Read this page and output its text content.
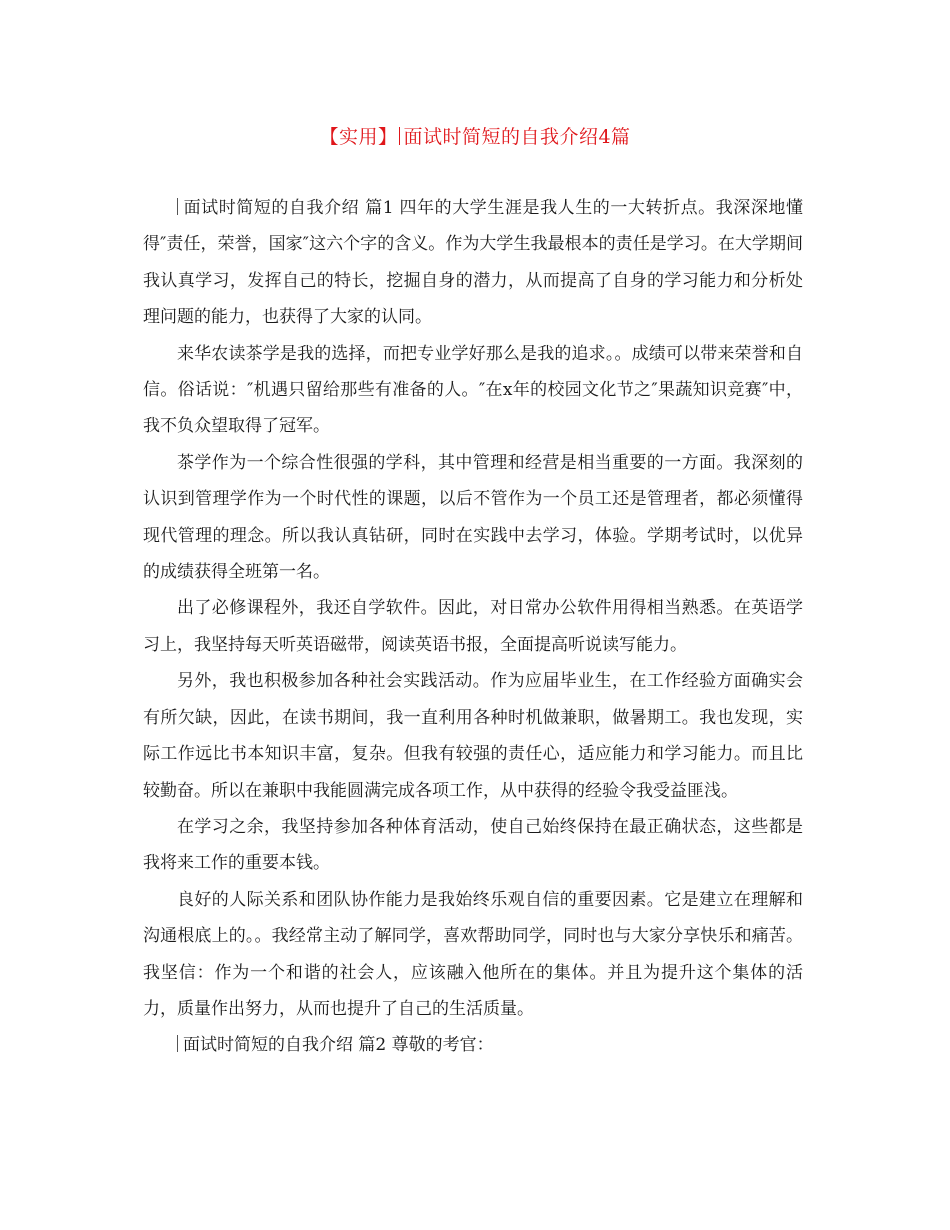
【实用】 面试时简短的自我介绍4篇

面试时简短的自我介绍 篇1 四年的大学生涯是我人生的一大转折点。我深深地懂得″责任，荣誉，国家″这六个字的含义。作为大学生我最根本的责任是学习。在大学期间我认真学习，发挥自己的特长，挖掘自身的潜力，从而提高了自身的学习能力和分析处理问题的能力，也获得了大家的认同。

来华农读茶学是我的选择，而把专业学好那么是我的追求。。成绩可以带来荣誉和自信。俗话说：″机遇只留给那些有准备的人。″在x年的校园文化节之″果蔬知识竞赛″中，我不负众望取得了冠军。

茶学作为一个综合性很强的学科，其中管理和经营是相当重要的一方面。我深刻的认识到管理学作为一个时代性的课题，以后不管作为一个员工还是管理者，都必须懂得现代管理的理念。所以我认真钻研，同时在实践中去学习，体验。学期考试时，以优异的成绩获得全班第一名。

出了必修课程外，我还自学软件。因此，对日常办公软件用得相当熟悉。在英语学习上，我坚持每天听英语磁带，阅读英语书报，全面提高听说读写能力。

另外，我也积极参加各种社会实践活动。作为应届毕业生，在工作经验方面确实会有所欠缺，因此，在读书期间，我一直利用各种时机做兼职，做暑期工。我也发现，实际工作远比书本知识丰富，复杂。但我有较强的责任心，适应能力和学习能力。而且比较勤奋。所以在兼职中我能圆满完成各项工作，从中获得的经验令我受益匪浅。

在学习之余，我坚持参加各种体育活动，使自己始终保持在最正确状态，这些都是我将来工作的重要本钱。

良好的人际关系和团队协作能力是我始终乐观自信的重要因素。它是建立在理解和沟通根底上的。。我经常主动了解同学，喜欢帮助同学，同时也与大家分享快乐和痛苦。我坚信：作为一个和谐的社会人，应该融入他所在的集体。并且为提升这个集体的活力，质量作出努力，从而也提升了自己的生活质量。

面试时简短的自我介绍 篇2 尊敬的考官：
